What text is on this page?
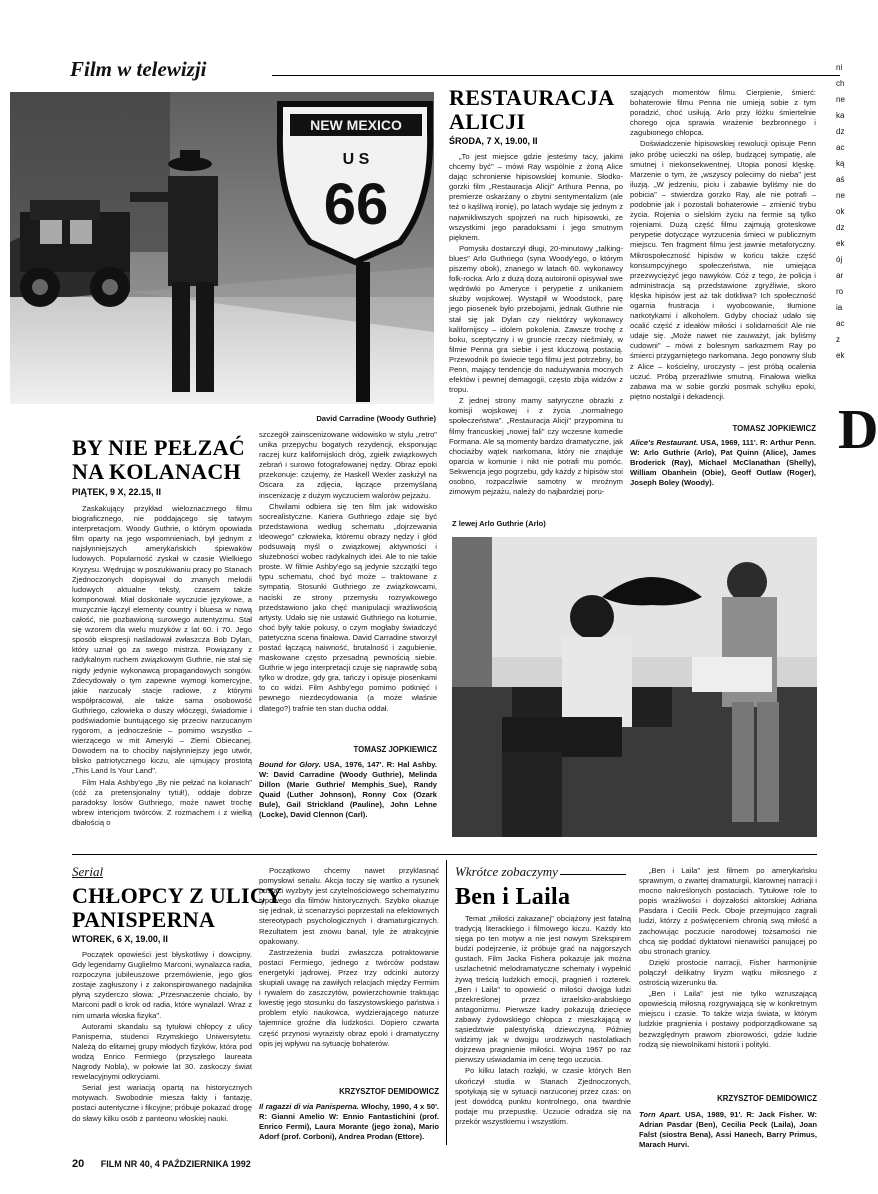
Film w telewizji	ni
ch
ne
ka
dz
ac
ką
aś
ne
ok
dz
ek
ój
ar
ro
ia
ac
z
ek
D
NEW MEXICO
U S
66
David Carradine (Woody Guthrie)
RESTAURACJA
ALICJI
ŚRODA, 7 X, 19.00, II

„To jest miejsce gdzie jesteśmy tacy, jakimi chcemy być" – mówi Ray wspólnie z żoną Alice dając schronienie hipisowskiej komunie. Słodko-gorzki film „Restauracja Alicji" Arthura Penna, po premierze oskarżany o zbytni sentymentalizm (ale też o kąśliwą ironię), po latach wydaje się jednym z najwnikliwszych spojrzeń na ruch hipisowski, ze wszystkimi jego paradoksami i jego smutnym pięknem.

Pomysłu dostarczył długi, 20-minutowy „talking-blues" Arlo Guthriego (syna Woody'ego, o którym piszemy obok), znanego w latach 60. wykonawcy folk-rocka. Arlo z dużą dozą autoironii opisywał swe wędrówki po Ameryce i perypetie z unikaniem służby wojskowej. Wystąpił w Woodstock, parę jego piosenek było przebojami, jednak Guthrie nie stał się jak Dylan czy niektórzy wykonawcy kalifornijscy – idolem pokolenia. Zawsze trochę z boku, sceptyczny i w gruncie rzeczy niešmiały, w filmie Penna gra siebie i jest kluczową postacią. Przewodnik po świecie tego filmu jest potrzebny, bo Penn, mający tendencje do nadużywania mocnych efektów i pewnej demagogii, często zbija widzów z tropu.

Z jednej strony mamy satyryczne obrazki z komisji wojskowej i z życia „normalnego społeczeństwa". „Restauracja Alicji" przypomina tu filmy francuskiej „nowej fali" czy wczesne komedie Formana. Ale są momenty bardzo dramatyczne, jak chociażby wątek narkomana, który nie znajduje oparcia w komunie i nikt nie potrafi mu pomóc. Sekwencja jego pogrzebu, gdy każdy z hipisów stoi osobno, rozpaczliwie samotny w mroźnym zimowym pejzażu, należy do najbardziej poru-

szających momentów filmu. Cierpienie, śmierć: bohaterowie filmu Penna nie umieją sobie z tym poradzić, choć usiłują. Arlo przy łóżku śmiertelnie chorego ojca sprawia wrażenie bezbronnego i zagubionego chłopca.

Doświadczenie hipisowskiej rewolucji opisuje Penn jako próbę ucieczki na oślep, budzącej sympatię, ale smutnej i niekonsekwentnej. Utopia ponosi klęskę. Marzenie o tym, że „wszyscy polecimy do nieba" jest iluzją. „W jedzeniu, piciu i zabawie byliśmy nie do pobicia" – stwierdza gorzko Ray, ale nie potrafi – podobnie jak i pozostali bohaterowie – zmienić trybu życia. Rojenia o sielskim życiu na fermie są tylko rojeniami. Dużą część filmu zajmują groteskowe perypetie dotyczące wyrzucenia śmieci w publicznym miejscu. Ten fragment filmu jest jawnie metaforyczny. Mikrospołeczność hipisów w końcu także część konsumpcyjnego społeczeństwa, nie umiejąca przezwyciężyć jego nawyków. Cóż z tego, że policja i administracja są przedstawione zgryźliwie, skoro klęska hipisów jest aż tak dotkliwa? Ich społeczność ogarnia frustracja i wyobcowanie, tłumione narkotykami i alkoholem. Gdyby chociaż udało się ocalić część z ideałów miłości i solidarności! Ale nie udaje się. „Może nawet nie zauważyt, jak byliśmy cudowni" – mówi z bolesnym sarkazmem Ray po śmierci przygarniętego narkomana. Jego ponowny ślub z Alice – kościelny, uroczysty – jest próbą ocalenia uczuć. Próbą przeraźliwie smutną. Finałowa wielka zabawa ma w sobie gorzki posmak schyłku epoki, piętno nostalgii i dekadencji.

TOMASZ JOPKIEWICZ
Alice's Restaurant. USA, 1969, 111'. R: Arthur Penn. W: Arlo Guthrie (Arlo), Pat Quinn (Alice), James Broderick (Ray), Michael McClanathan (Shelly), William Obanhein (Obie), Geoff Outlaw (Roger), Joseph Boley (Woody).
Z lewej Arlo Guthrie (Arlo)
BY NIE PEŁZAĆ
NA KOLANACH
PIĄTEK, 9 X, 22.15, II

Zaskakujący przykład wieloznacznego filmu biograficznego, nie poddającego się tatwym interpretacjom. Woody Guthrie, o którym opowiada film oparty na jego wspomnieniach, był jednym z najsłynniejszych amerykańskich śpiewaków ludowych. Popularność zyskał w czasie Wielkiego Kryzysu. Wędrując w poszukiwaniu pracy po Stanach Zjednoczonych dopisywał do znanych melodii ludowych aktualne teksty, czasem także komponował. Miał doskonałe wyczucie językowe, a muzycznie łączył elementy country i bluesa w nową całość, nie pozbawioną surowego autentyzmu. Stał się wzorem dla wielu muzyków z lat 60. i 70. Jego sposób ekspresji naśladował zwłaszcza Bob Dylan, który uznał go za swego mistrza. Powiązany z radykalnym ruchem związkowym Guthrie, nie stał się nigdy jedynie wykonawcą propagandowych songów. Zdecydowały o tym zapewne wymogi komercyjne, jakie narzucały stacje radiowe, z którymi współpracował, ale także sama osobowość Guthriego, człowieka o duszy włóczęgi, świadomie i podświadomie buntującego się przeciw narzucanym rygorom, a jednocześnie – pomimo wszystko – wierzącego w mit Ameryki – Ziemi Obiecanej. Dowodem na to chociby najsłynniejszy jego utwór, blisko patriotycznego kiczu, ale ujmujący prostotą „This Land Is Your Land".

Film Hala Ashby'ego „By nie pełzać na kolanach" (cóż za pretensjonalny tytuł!), oddaje dobrze paradoksy losów Guthriego, może nawet trochę wbrew intencjom twórców. Z rozmachem i z wielką dbałością o

szczegół zainscenizowane widowisko w stylu „retro" unika przepychu bogatych rezydencji, eksponując raczej kurz kalifornijskich dróg, zgiełk związkowych zebrań i surowo fotografowanej nędzy. Obraz epoki przekonuje: czujemy, że Haskell Wexler zasłużył na Oscara za zdjęcia, łączące przemyślaną inscenizację z dużym wyczuciem walorów pejzażu.

Chwilami odbiera się ten film jak widowisko socrealistyczne. Kariera Guthriego zdaje się być przedstawiona według schematu „dojrzewania ideowego" człowieka, któremu obrazy nędzy i głód podsuwają myśl o związkowej aktywności i służebności wobec radykalnych idei. Ale to nie takie proste. W filmie Ashby'ego są jedynie szczątki tego typu schematu, choć być może – traktowane z sympatią. Stosunki Guthriego ze związkowcami, naciski ze strony przemysłu rozrywkowego przedstawiono jako chęć manipulacji wrażliwością artysty. Udało się nie ustawić Guthriego na koturnie, choć były takie pokusy, o czym mogłaby świadczyć patetyczna scena finałowa. David Carradine stworzył postać łączącą naiwność, brutalność i zagubienie, maskowane często przesadną pewnością siebie. Guthrie w jego interpretacji czuje się naprawdę sobą tylko w drodze, gdy gra, tańczy i opisuje piosenkami to co widzi. Film Ashby'ego pomimo potknięć i pewnego niezdecydowania (a może właśnie dlatego?) trafnie ten stan ducha oddał.

TOMASZ JOPKIEWICZ
Bound for Glory. USA, 1976, 147'. R: Hal Ashby. W: David Carradine (Woody Guthrie), Melinda Dillon (Marie Guthrie/ Memphis_Sue), Randy Quaid (Luther Johnson), Ronny Cox (Ozark Bule), Gail Strickland (Pauline), John Lehne (Locke), David Clennon (Carl).
Serial
CHŁOPCY Z ULICY
PANISPERNA
WTOREK, 6 X, 19.00, II

Początek opowieści jest błyskotliwy i dowcipny. Gdy legendarny Guglielmo Marconi, wynalazca radia, rozpoczyna jubileuszowe przemówienie, jego głos zostaje zagłuszony i z zakonspirowanego nadajnika płyną szyderczo słowa: „Przesnaczenie chciało, by Marconi padł o krok od radia, które wynalazł. Wraz z nim umarła włoska fizyka".

Autorami skandalu są tytułowi chłopcy z ulicy Panisperna, studenci Rzymskiego Uniwersytetu. Należą do elitarnej grupy młodych fizyków, która pod wodzą Enrico Fermiego (przyszłego laureata Nagrody Nobla), w połowie lat 30. zaskoczy świat rewelacyjnymi odkryciami.

Serial jest wariacją opartą na historycznych motywach. Swobodnie miesza fakty i fantazję, postaci autentyczne i fikcyjne; próbuje pokazać drogę do sławy kilku osób z panteonu włoskiej nauki.

Początkowo chcemy nawet przyklasnąć pomysłowi serialu. Akcja toczy się wartko a rysunek postaci wyzbyty jest czytelnościowego schematyzmu typowego dla filmów historycznych. Szybko okazuje się jednak, iż scenarzyści poprzestali na efektownych stereotypach psychologicznych i dramaturgicznych. Rezultatem jest znowu banał, tyle że atrakcyjnie opakowany.

Zastrzeżenia budzi zwłaszcza potraktowanie postaci Fermiego, jednego z twórców podstaw energetyki jądrowej. Przez trzy odcinki autorzy skupiali uwagę na zawiłych relacjach między Fermim i rywalem do zaszczytów, powierzchownie traktując kwestię jego stosunku do faszystowskiego państwa i problem etyki naukowca, wydzierającego naturze tajemnice groźne dla ludzkości. Dopiero czwarta część przynosi wyrazisty obraz epoki i dramatyczny opis jej wpływu na sytuację bohaterów.

KRZYSZTOF DEMIDOWICZ
Il ragazzi di via Panisperna. Włochy, 1990, 4 x 50'. R: Gianni Amelio W: Ennio Fantastichini (prof. Enrico Fermi), Laura Morante (jego żona), Mario Adorf (prof. Corboni), Andrea Prodan (Ettore).
Wkrótce zobaczymy
Ben i Laila

Temat „miłości zakazanej" obciążony jest fatalną tradycją literackiego i filmowego kiczu. Każdy kto sięga po ten motyw a nie jest nowym Szekspirem budzi podejrzenie, iż próbuje grać na najgorszych gustach. Film Jacka Fishera pokazuje jak można uszlachetnić melodramatyczne schematy i wypełnić żywą treścią ludzkich emocji, pragnień i rozterek. „Ben i Laila" to opowieść o miłości dwojga ludzi przekreślonej przez izraelsko-arabskiego antagonizmu. Pierwsze kadry pokazują dziecięce zabawy żydowskiego chłopca z mieszkającą w sąsiedztwie palestyńską dziewczyną. Później widzimy jak w dwojgu urodziwych nastolatkach dojrzewa pragnienie miłości. Wojna 1967 po raz pierwszy uświadamia im cenę tego uczucia.

Po kilku latach rozłąki, w czasie których Ben ukończył studia w Stanach Zjednoczonych, spotykają się w sytuacji narzuconej przez czas: on jest dowódcą punktu kontrolnego, ona twardnie podaje mu przepustkę. Uczucie odradza się na przekór wszystkiemu i wszystkim.

„Ben i Laila" jest filmem po amerykańsku sprawnym, o zwartej dramaturgii, klarownej narracji i mocno nakreślonych postaciach. Tytułowe role to popis wrażliwości i dojrzałości aktorskiej Adriana Pasdara i Cecilii Peck. Oboje przejmująco zagrali ludzi, którzy z poświęceniem chronią swą miłość a zachowując poczucie narodowej tożsamości nie chcą się poddać dyktatowi nienawiści panującej po obu stronach granicy.

Dzięki prostocie narracji, Fisher harmonijnie połączył delikatny liryzm wątku miłosnego z ostrością wizerunku tła.

„Ben i Laila" jest nie tylko wzruszającą opowieścią miłosną rozgrywającą się w konkretnym miejscu i czasie. To także wizja świata, w którym ludzkie pragnienia i postawy podporządkowane są bezwzględnym prawom zbiorowości, gdzie ludzie rodzą się niewolnikami historii i polityki.

KRZYSZTOF DEMIDOWICZ
Torn Apart. USA, 1989, 91'. R: Jack Fisher. W: Adrian Pasdar (Ben), Cecilia Peck (Laila), Joan Falst (siostra Bena), Assi Hanech, Barry Primus, Marach Hurvi.
20 FILM NR 40, 4 PAŹDZIERNIKA 1992
